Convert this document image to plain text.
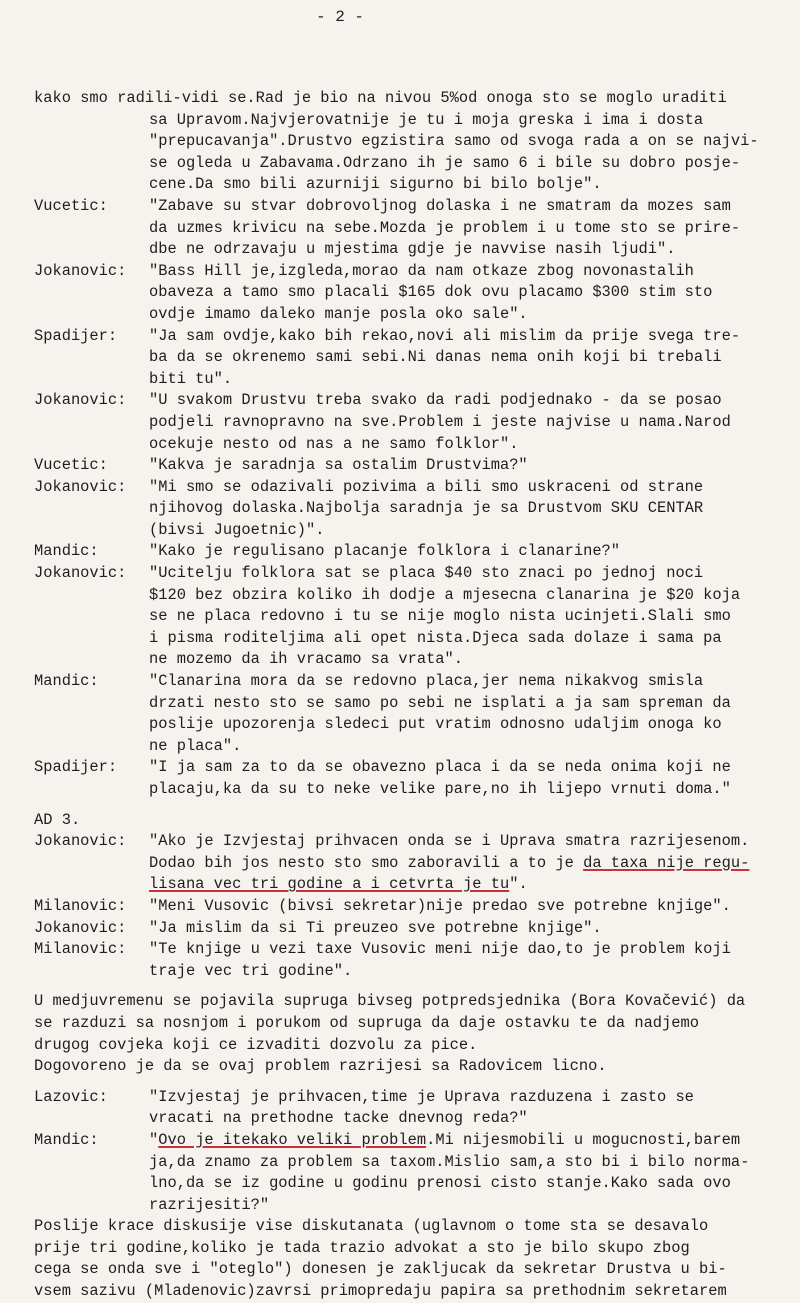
- 2 -
kako smo radili-vidi se.Rad je bio na nivou 5%od onoga sto se moglo uraditi
sa Upravom.Najvjerovatnije je tu i moja greska i ima i dosta
"prepucavanja".Drustvo egzistira samo od svoga rada a on se najvi-
se ogleda u Zabavama.Odrzano ih je samo 6 i bile su dobro posje-
cene.Da smo bili azurniji sigurno bi bilo bolje".
Vucetic:	"Zabave su stvar dobrovoljnog dolaska i ne smatram da mozes sam
da uzmes krivicu na sebe.Mozda je problem i u tome sto se prire-
dbe ne odrzavaju u mjestima gdje je navvise nasih ljudi".
Jokanovic:	"Bass Hill je,izgleda,morao da nam otkaze zbog novonastalih
obaveza a tamo smo placali $165 dok ovu placamo $300 stim sto
ovdje imamo daleko manje posla oko sale".
Spadijer:	"Ja sam ovdje,kako bih rekao,novi ali mislim da prije svega tre-
ba da se okrenemo sami sebi.Ni danas nema onih koji bi trebali
biti tu".
Jokanovic:	"U svakom Drustvu treba svako da radi podjednako - da se posao
podjeli ravnopravno na sve.Problem i jeste najvise u nama.Narod
ocekuje nesto od nas a ne samo folklor".
Vucetic:	"Kakva je saradnja sa ostalim Drustvima?"
Jokanovic:	"Mi smo se odazivali pozivima a bili smo uskraceni od strane
njihovog dolaska.Najbolja saradnja je sa Drustvom SKU CENTAR
(bivsi Jugoetnic)".
Mandic:	"Kako je regulisano placanje folklora i clanarine?"
Jokanovic:	"Ucitelju folklora sat se placa $40 sto znaci po jednoj noci
$120 bez obzira koliko ih dodje a mjesecna clanarina je $20 koja
se ne placa redovno i tu se nije moglo nista ucinjeti.Slali smo
i pisma roditeljima ali opet nista.Djeca sada dolaze i sama pa
ne mozemo da ih vracamo sa vrata".
Mandic:	"Clanarina mora da se redovno placa,jer nema nikakvog smisla
drzati nesto sto se samo po sebi ne isplati a ja sam spreman da
poslije upozorenja sledeci put vratim odnosno udaljim onoga ko
ne placa".
Spadijer:	"I ja sam za to da se obavezno placa i da se neda onima koji ne
placaju,ka da su to neke velike pare,no ih lijepo vrnuti doma."
AD 3.
Jokanovic:	"Ako je Izvjestaj prihvacen onda se i Uprava smatra razrijesenom.
Dodao bih jos nesto sto smo zaboravili a to je da taxa nije regu-
lisana vec tri godine a i cetvrta je tu".
Milanovic:	"Meni Vusovic (bivsi sekretar)nije predao sve potrebne knjige".
Jokanovic:	"Ja mislim da si Ti preuzeo sve potrebne knjige".
Milanovic:	"Te knjige u vezi taxe Vusovic meni nije dao,to je problem koji
traje vec tri godine".
U medjuvremenu se pojavila supruga bivseg potpredsjednika (Bora Kovačević) da
se razduzi sa nosnjom i porukom od supruga da daje ostavku te da nadjemo
drugog covjeka koji ce izvaditi dozvolu za pice.
Dogovoreno je da se ovaj problem razrijesi sa Radovicem licno.
Lazovic:	"Izvjestaj je prihvacen,time je Uprava razduzena i zasto se
vracati na prethodne tacke dnevnog reda?"
Mandic:	"Ovo je itekako veliki problem.Mi nijesmobili u mogucnosti,barem
ja,da znamo za problem sa taxom.Mislio sam,a sto bi i bilo norma-
lno,da se iz godine u godinu prenosi cisto stanje.Kako sada ovo
razrijesiti?"
Poslije krace diskusije vise diskutanata (uglavnom o tome sta se desavalo
prije tri godine,koliko je tada trazio advokat a sto je bilo skupo zbog
cega se onda sve i "oteglo") donesen je zakljucak da sekretar Drustva u bi-
vsem sazivu (Mladenovic)zavrsi primopredaju papira sa prethodnim sekretarem
